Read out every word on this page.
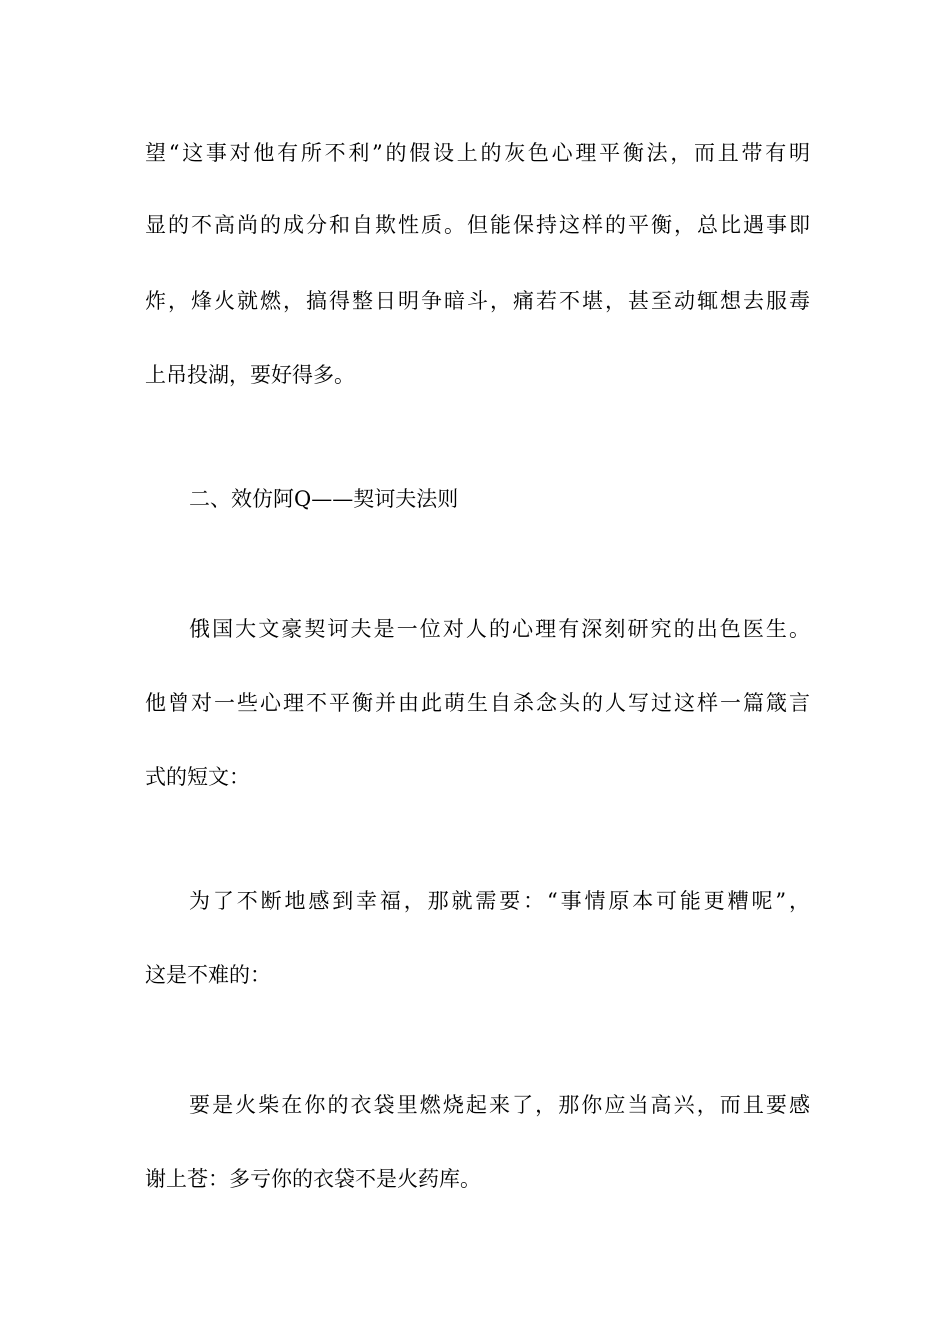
望“这事对他有所不利”的假设上的灰色心理平衡法，而且带有明
显的不高尚的成分和自欺性质。但能保持这样的平衡，总比遇事即
炸，烽火就燃，搞得整日明争暗斗，痛若不堪，甚至动辄想去服毒
上吊投湖，要好得多。
二、效仿阿Q——契诃夫法则
俄国大文豪契诃夫是一位对人的心理有深刻研究的出色医生。
他曾对一些心理不平衡并由此萌生自杀念头的人写过这样一篇箴言
式的短文：
为了不断地感到幸福，那就需要：“事情原本可能更糟呢”，
这是不难的：
要是火柴在你的衣袋里燃烧起来了，那你应当高兴，而且要感
谢上苍：多亏你的衣袋不是火药库。
